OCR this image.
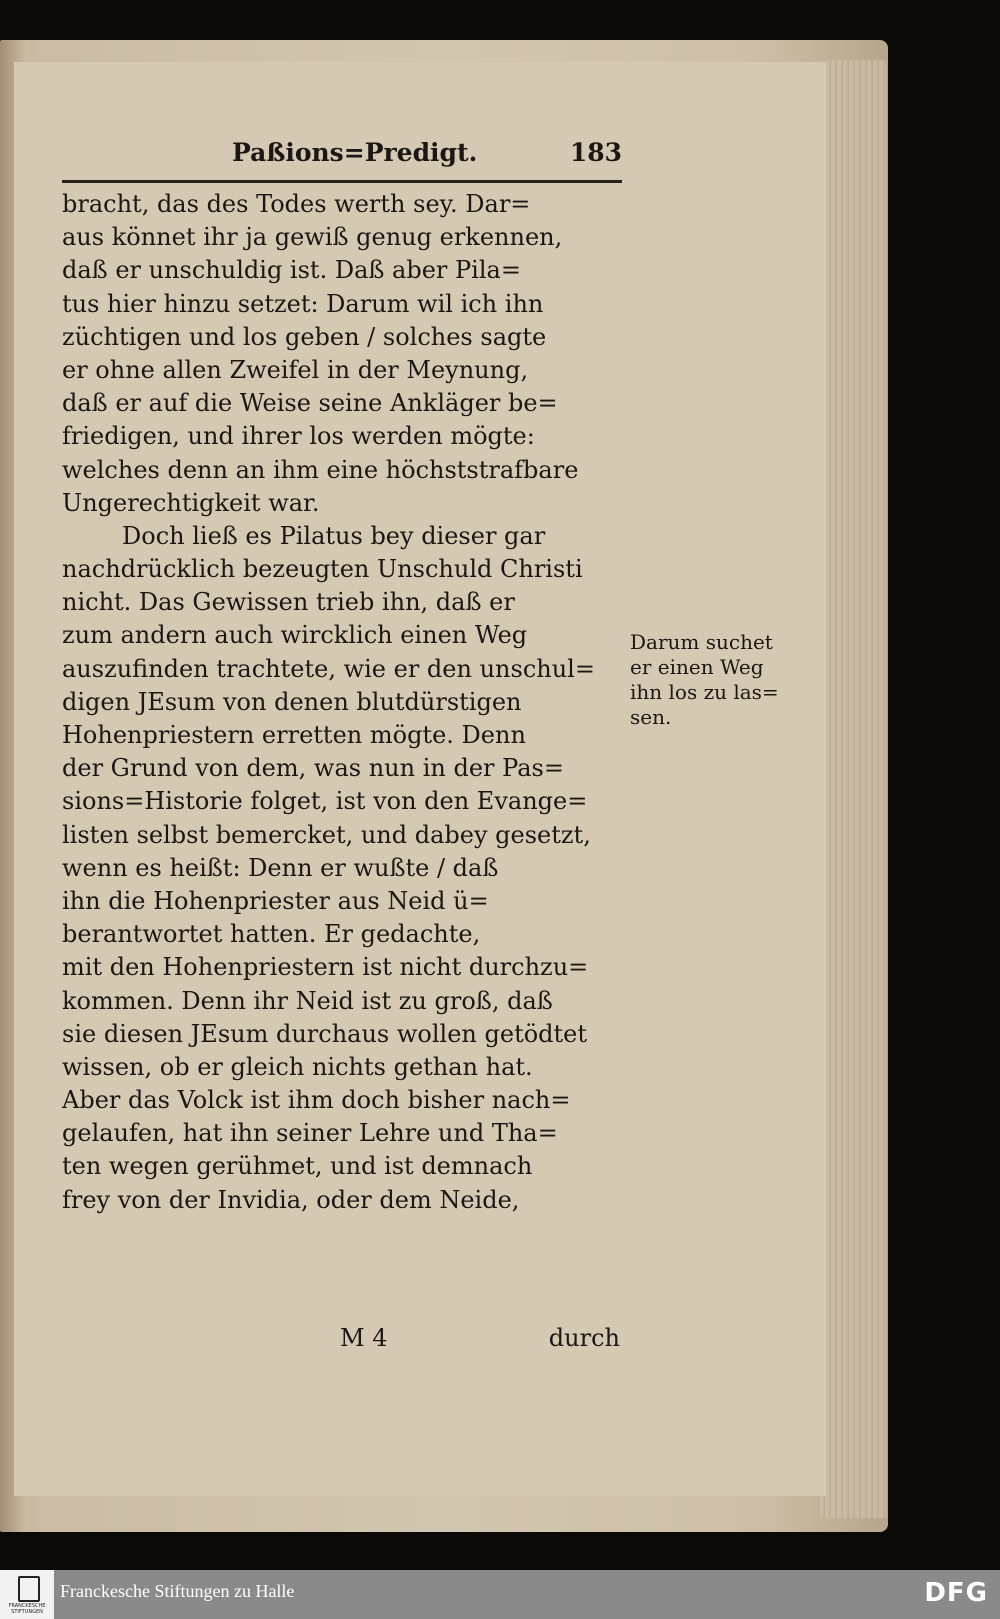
Paßions=Predigt.	183
bracht, das des Todes werth sey. Dar=
aus könnet ihr ja gewiß genug erkennen,
daß er unschuldig ist. Daß aber Pila=
tus hier hinzu setzet: Darum wil ich ihn
züchtigen und los geben / solches sagte
er ohne allen Zweifel in der Meynung,
daß er auf die Weise seine Ankläger be=
friedigen, und ihrer los werden mögte:
welches denn an ihm eine höchststrafbare
Ungerechtigkeit war.
Doch ließ es Pilatus bey dieser gar
nachdrücklich bezeugten Unschuld Christi
nicht. Das Gewissen trieb ihn, daß er
zum andern auch wircklich einen Weg
auszufinden trachtete, wie er den unschul=
digen JEsum von denen blutdürstigen
Hohenpriestern erretten mögte. Denn
der Grund von dem, was nun in der Pas=
sions=Historie folget, ist von den Evange=
listen selbst bemercket, und dabey gesetzt,
wenn es heißt: Denn er wußte / daß
ihn die Hohenpriester aus Neid ü=
berantwortet hatten. Er gedachte,
mit den Hohenpriestern ist nicht durchzu=
kommen. Denn ihr Neid ist zu groß, daß
sie diesen JEsum durchaus wollen getödtet
wissen, ob er gleich nichts gethan hat.
Aber das Volck ist ihm doch bisher nach=
gelaufen, hat ihn seiner Lehre und Tha=
ten wegen gerühmet, und ist demnach
frey von der Invidia, oder dem Neide,
Darum suchet
er einen Weg
ihn los zu las=
sen.
M 4	durch
FRANCKESCHE STIFTUNGEN
Franckesche Stiftungen zu Halle	DFG
